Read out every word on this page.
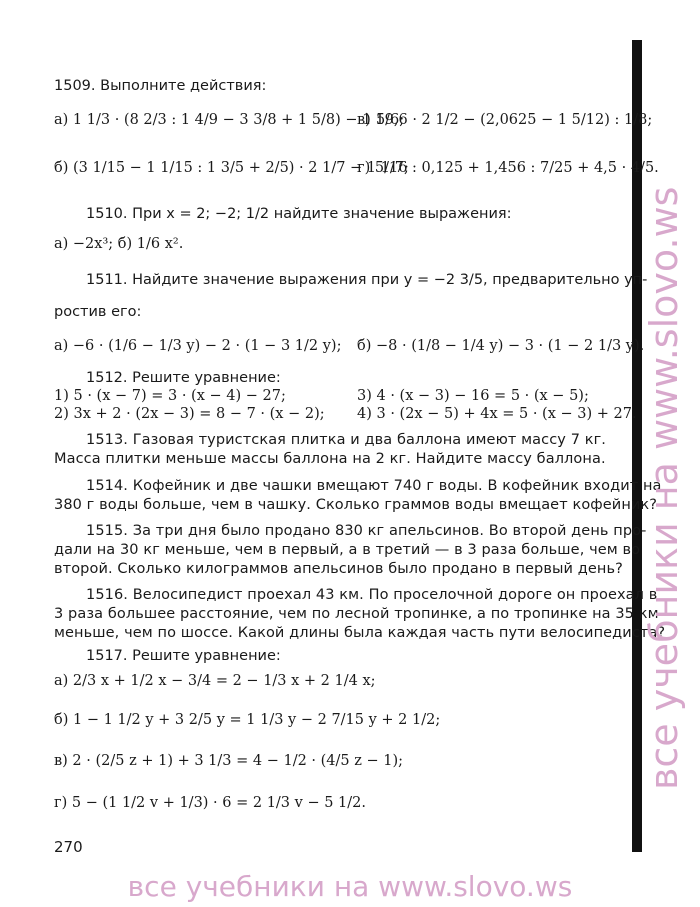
1509. Выполните действия:
а) 1 1/3 · (8 2/3 : 1 4/9 − 3 3/8 + 1 5/8) − 1 5/6;
в) 19,6 · 2 1/2 − (2,0625 − 1 5/12) : 1/8;
б) (3 1/15 − 1 1/15 : 1 3/5 + 2/5) · 2 1/7 − 1 1/7;
г) 5/16 : 0,125 + 1,456 : 7/25 + 4,5 · 4/5.
1510. При x = 2; −2; 1/2 найдите значение выражения:
а) −2x³; б) 1/6 x².
1511. Найдите значение выражения при y = −2 3/5, предварительно уп-
ростив его:
а) −6 · (1/6 − 1/3 y) − 2 · (1 − 3 1/2 y); б) −8 · (1/8 − 1/4 y) − 3 · (1 − 2 1/3 y).
1512. Решите уравнение:
1) 5 · (x − 7) = 3 · (x − 4) − 27;	3) 4 · (x − 3) − 16 = 5 · (x − 5);
2) 3x + 2 · (2x − 3) = 8 − 7 · (x − 2); 4) 3 · (2x − 5) + 4x = 5 · (x − 3) + 27.
1513. Газовая туристская плитка и два баллона имеют массу 7 кг.
Масса плитки меньше массы баллона на 2 кг. Найдите массу баллона.
1514. Кофейник и две чашки вмещают 740 г воды. В кофейник входит на
380 г воды больше, чем в чашку. Сколько граммов воды вмещает кофейник?
1515. За три дня было продано 830 кг апельсинов. Во второй день про-
дали на 30 кг меньше, чем в первый, а в третий — в 3 раза больше, чем во
второй. Сколько килограммов апельсинов было продано в первый день?
1516. Велосипедист проехал 43 км. По проселочной дороге он проехал в
3 раза большее расстояние, чем по лесной тропинке, а по тропинке на 35 км
меньше, чем по шоссе. Какой длины была каждая часть пути велосипедиста?
1517. Решите уравнение:
а) 2/3 x + 1/2 x − 3/4 = 2 − 1/3 x + 2 1/4 x;
б) 1 − 1 1/2 y + 3 2/5 y = 1 1/3 y − 2 7/15 y + 2 1/2;
в) 2 · (2/5 z + 1) + 3 1/3 = 4 − 1/2 · (4/5 z − 1);
г) 5 − (1 1/2 v + 1/3) · 6 = 2 1/3 v − 5 1/2.
270
все учебники на www.slovo.ws
все учебники на www.slovo.ws
